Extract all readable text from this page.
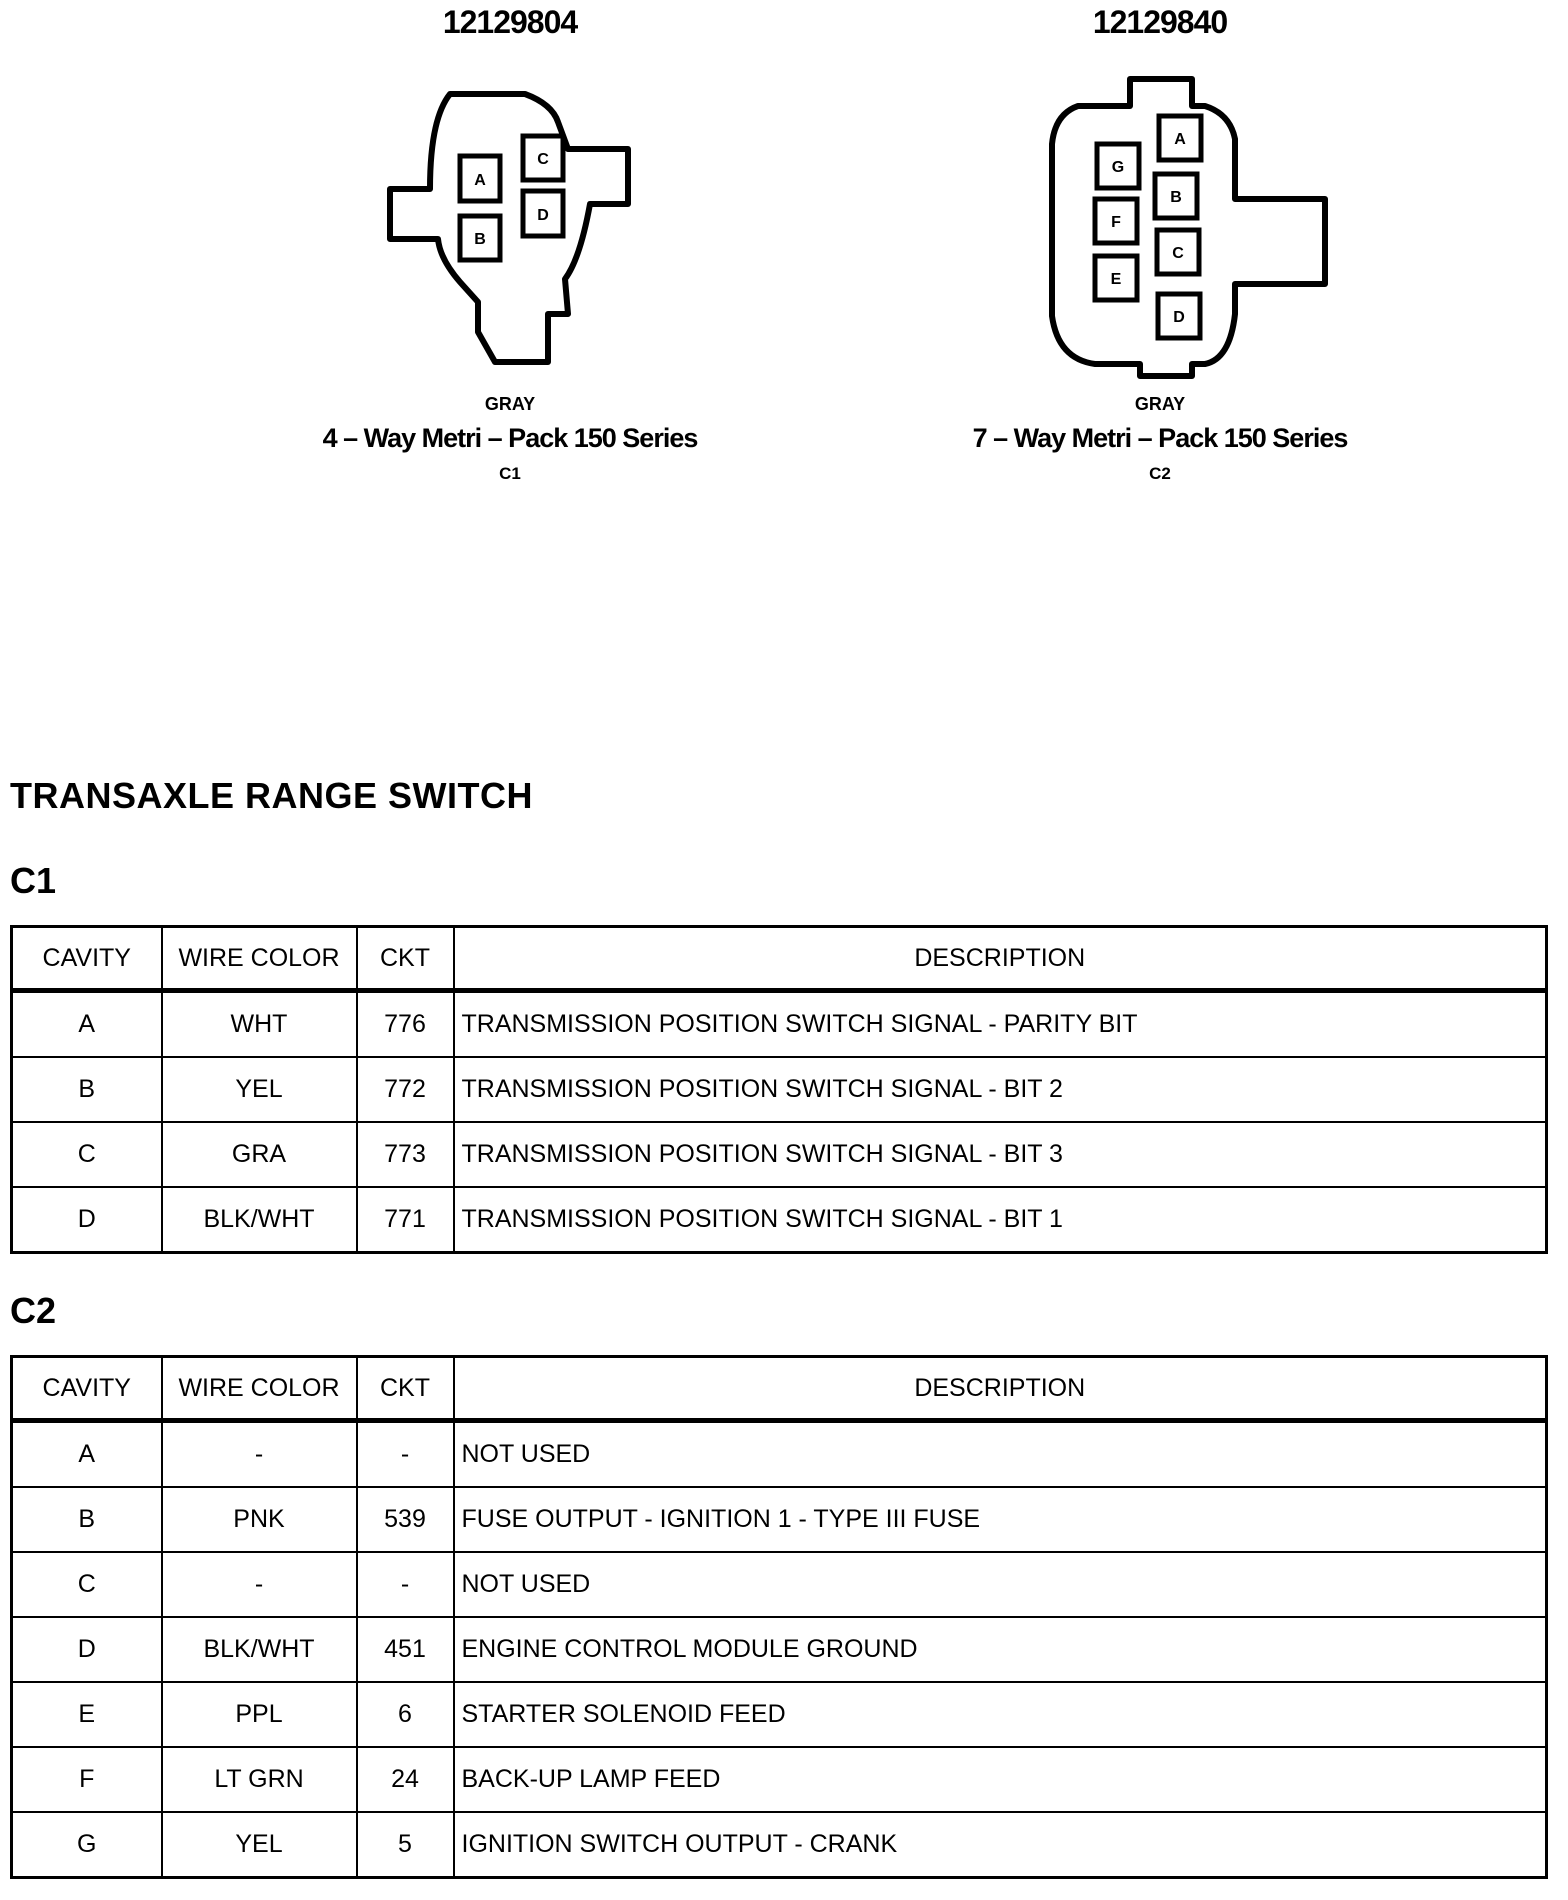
12129804
A
B
C
D
GRAY
4 – Way Metri – Pack 150 Series
C1
12129840
A
B
C
D
E
F
G
GRAY
7 – Way Metri – Pack 150 Series
C2
TRANSAXLE RANGE SWITCH
C1
CAVITY	WIRE COLOR	CKT	DESCRIPTION
A	WHT	776	TRANSMISSION POSITION SWITCH SIGNAL - PARITY BIT
B	YEL	772	TRANSMISSION POSITION SWITCH SIGNAL - BIT 2
C	GRA	773	TRANSMISSION POSITION SWITCH SIGNAL - BIT 3
D	BLK/WHT	771	TRANSMISSION POSITION SWITCH SIGNAL - BIT 1
C2
CAVITY	WIRE COLOR	CKT	DESCRIPTION
A	-	-	NOT USED
B	PNK	539	FUSE OUTPUT - IGNITION 1 - TYPE III FUSE
C	-	-	NOT USED
D	BLK/WHT	451	ENGINE CONTROL MODULE GROUND
E	PPL	6	STARTER SOLENOID FEED
F	LT GRN	24	BACK-UP LAMP FEED
G	YEL	5	IGNITION SWITCH OUTPUT - CRANK
